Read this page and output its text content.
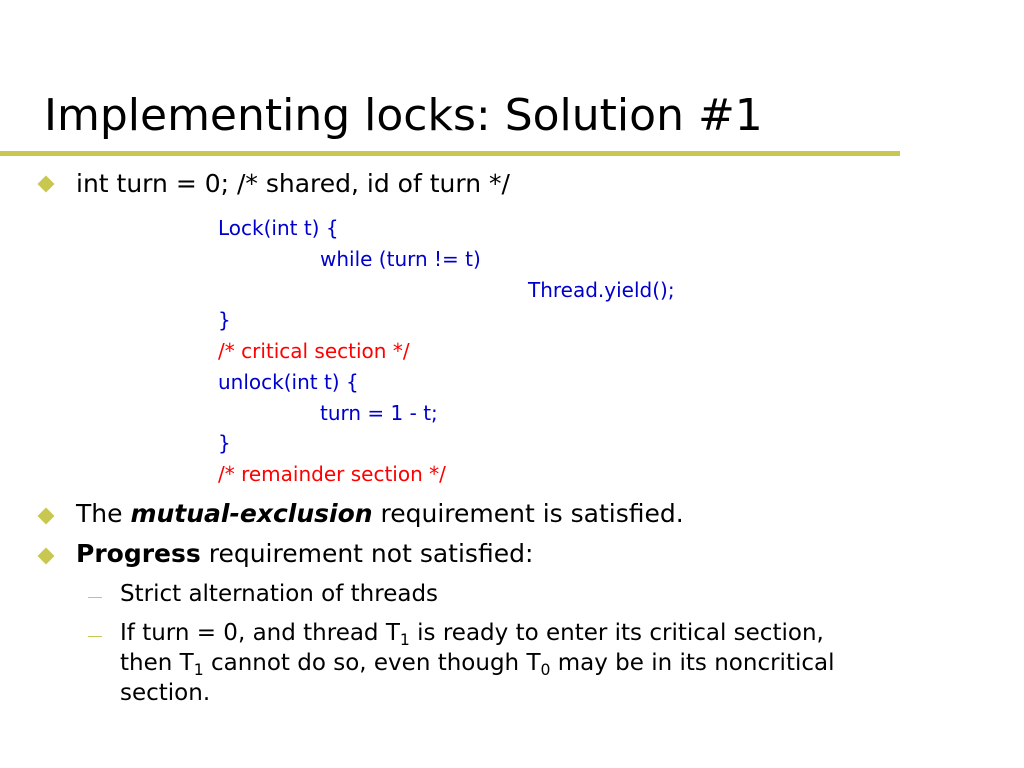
Implementing locks: Solution #1
int turn = 0; /* shared, id of turn */
Lock(int t) {
while (turn != t)
Thread.yield();
}
/* critical section */
unlock(int t) {
turn = 1 - t;
}
/* remainder section */
The mutual-exclusion requirement is satisfied.
Progress requirement not satisfied:
Strict alternation of threads
If turn = 0, and thread $T_1$ is ready to enter its critical section,
then $T_1$ cannot do so, even though $T_0$ may be in its noncritical
section.
